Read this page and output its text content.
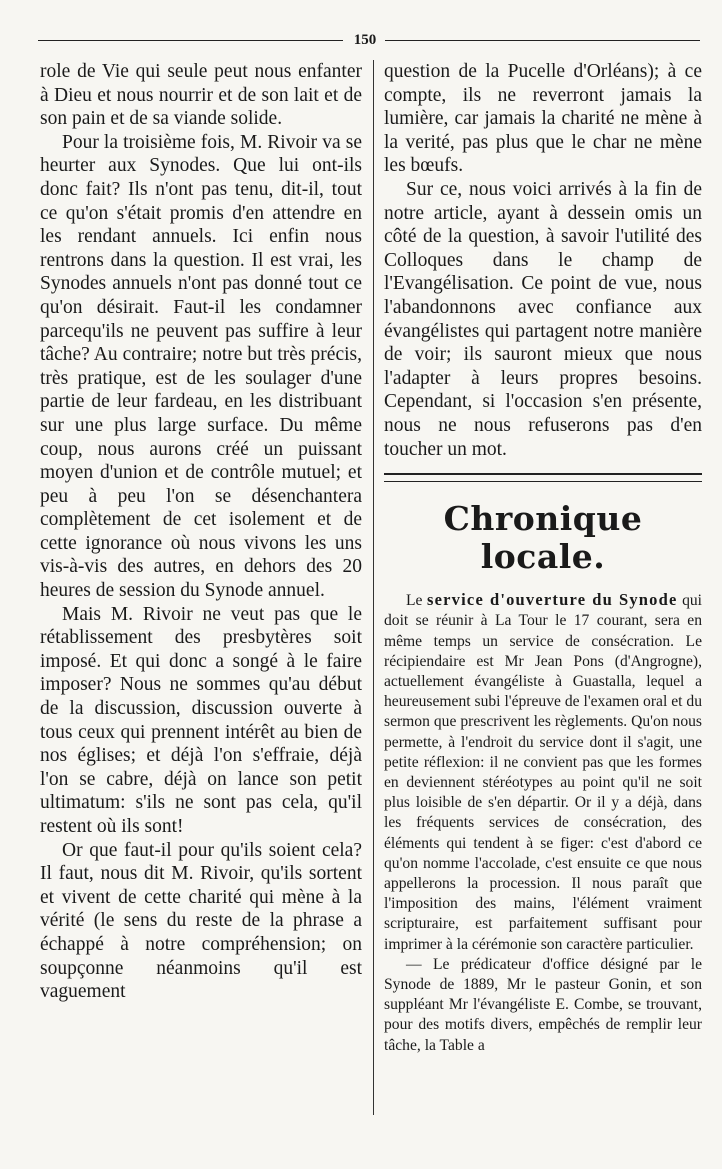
150

role de Vie qui seule peut nous enfanter à Dieu et nous nourrir et de son lait et de son pain et de sa viande solide.

Pour la troisième fois, M. Rivoir va se heurter aux Synodes. Que lui ont-ils donc fait? Ils n'ont pas tenu, dit-il, tout ce qu'on s'était promis d'en attendre en les rendant annuels. Ici enfin nous rentrons dans la question. Il est vrai, les Synodes annuels n'ont pas donné tout ce qu'on désirait. Faut-il les condamner parcequ'ils ne peuvent pas suffire à leur tâche? Au contraire; notre but très précis, très pratique, est de les soulager d'une partie de leur fardeau, en les distribuant sur une plus large surface. Du même coup, nous aurons créé un puissant moyen d'union et de contrôle mutuel; et peu à peu l'on se désenchantera complètement de cet isolement et de cette ignorance où nous vivons les uns vis-à-vis des autres, en dehors des 20 heures de session du Synode annuel.

Mais M. Rivoir ne veut pas que le rétablissement des presbytères soit imposé. Et qui donc a songé à le faire imposer? Nous ne sommes qu'au début de la discussion, discussion ouverte à tous ceux qui prennent intérêt au bien de nos églises; et déjà l'on s'effraie, déjà l'on se cabre, déjà on lance son petit ultimatum: s'ils ne sont pas cela, qu'il restent où ils sont!

Or que faut-il pour qu'ils soient cela? Il faut, nous dit M. Rivoir, qu'ils sortent et vivent de cette charité qui mène à la vérité (le sens du reste de la phrase a échappé à notre compréhension; on soupçonne néanmoins qu'il est vaguement

question de la Pucelle d'Orléans); à ce compte, ils ne reverront jamais la lumière, car jamais la charité ne mène à la verité, pas plus que le char ne mène les bœufs.

Sur ce, nous voici arrivés à la fin de notre article, ayant à dessein omis un côté de la question, à savoir l'utilité des Colloques dans le champ de l'Evangélisation. Ce point de vue, nous l'abandonnons avec confiance aux évangélistes qui partagent notre manière de voir; ils sauront mieux que nous l'adapter à leurs propres besoins. Cependant, si l'occasion s'en présente, nous ne nous refuserons pas d'en toucher un mot.

Chronique locale.

Le service d'ouverture du Synode qui doit se réunir à La Tour le 17 courant, sera en même temps un service de consécration. Le récipiendaire est Mr Jean Pons (d'Angrogne), actuellement évangéliste à Guastalla, lequel a heureusement subi l'épreuve de l'examen oral et du sermon que prescrivent les règlements. Qu'on nous permette, à l'endroit du service dont il s'agit, une petite réflexion: il ne convient pas que les formes en deviennent stéréotypes au point qu'il ne soit plus loisible de s'en départir. Or il y a déjà, dans les fréquents services de consécration, des éléments qui tendent à se figer: c'est d'abord ce qu'on nomme l'accolade, c'est ensuite ce que nous appellerons la procession. Il nous paraît que l'imposition des mains, l'élément vraiment scripturaire, est parfaitement suffisant pour imprimer à la cérémonie son caractère particulier.

— Le prédicateur d'office désigné par le Synode de 1889, Mr le pasteur Gonin, et son suppléant Mr l'évangéliste E. Combe, se trouvant, pour des motifs divers, empêchés de remplir leur tâche, la Table a
